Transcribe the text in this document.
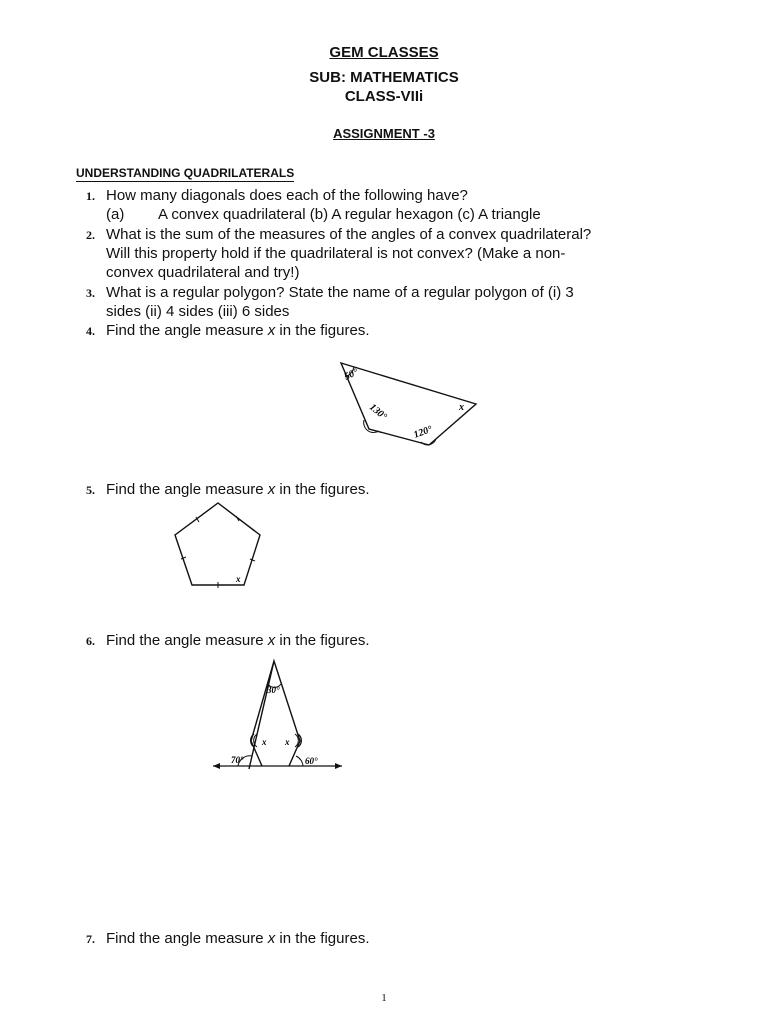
GEM CLASSES
SUB: MATHEMATICS
CLASS-VIIi
ASSIGNMENT -3
UNDERSTANDING QUADRILATERALS
1. How many diagonals does each of the following have?
(a) A convex quadrilateral (b) A regular hexagon (c) A triangle
2. What is the sum of the measures of the angles of a convex quadrilateral?
Will this property hold if the quadrilateral is not convex? (Make a non-
convex quadrilateral and try!)
3. What is a regular polygon? State the name of a regular polygon of (i) 3
sides (ii) 4 sides (iii) 6 sides
4. Find the angle measure x in the figures.
50°
130°
120°
x
5. Find the angle measure x in the figures.
x
6. Find the angle measure x in the figures.
30°
x x
70°	60°
7. Find the angle measure x in the figures.
1
